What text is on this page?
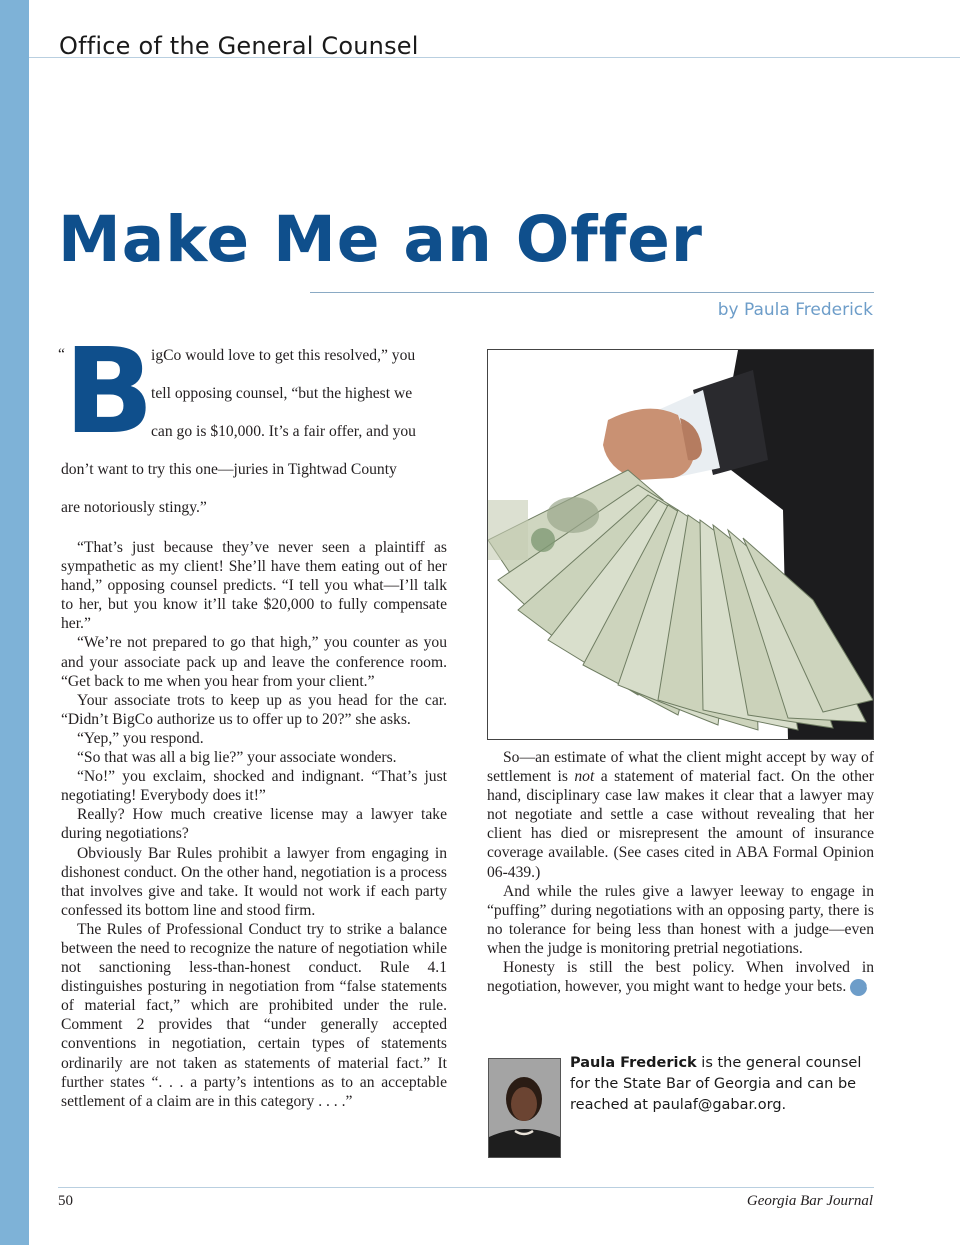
Office of the General Counsel
Make Me an Offer
by Paula Frederick
“ B
igCo would love to get this resolved,” you
tell opposing counsel, “but the highest we
can go is $10,000. It’s a fair offer, and you
don’t want to try this one—juries in Tightwad County
are notoriously stingy.”

“That’s just because they’ve never seen a plaintiff as sympathetic as my client! She’ll have them eating out of her hand,” opposing counsel predicts. “I tell you what—I’ll talk to her, but you know it’ll take $20,000 to fully compensate her.”

“We’re not prepared to go that high,” you counter as you and your associate pack up and leave the conference room. “Get back to me when you hear from your client.”

Your associate trots to keep up as you head for the car. “Didn’t BigCo authorize us to offer up to 20?” she asks.

“Yep,” you respond.

“So that was all a big lie?” your associate wonders.

“No!” you exclaim, shocked and indignant. “That’s just negotiating! Everybody does it!”

Really? How much creative license may a lawyer take during negotiations?

Obviously Bar Rules prohibit a lawyer from engaging in dishonest conduct. On the other hand, negotiation is a process that involves give and take. It would not work if each party confessed its bottom line and stood firm.

The Rules of Professional Conduct try to strike a balance between the need to recognize the nature of negotiation while not sanctioning less-than-honest conduct. Rule 4.1 distinguishes posturing in negotiation from “false statements of material fact,” which are prohibited under the rule. Comment 2 provides that “under generally accepted conventions in negotiation, certain types of statements ordinarily are not taken as statements of material fact.” It further states “. . . a party’s intentions as to an acceptable settlement of a claim are in this category . . . .”

So—an estimate of what the client might accept by way of settlement is not a statement of material fact. On the other hand, disciplinary case law makes it clear that a lawyer may not negotiate and settle a case without revealing that her client has died or misrepresent the amount of insurance coverage available. (See cases cited in ABA Formal Opinion 06-439.)

And while the rules give a lawyer leeway to engage in “puffing” during negotiations with an opposing party, there is no tolerance for being less than honest with a judge—even when the judge is monitoring pretrial negotiations.

Honesty is still the best policy. When involved in negotiation, however, you might want to hedge your bets.	GBJ

Paula Frederick is the general counsel for the State Bar of Georgia and can be reached at paulaf@gabar.org.
50	Georgia Bar Journal
